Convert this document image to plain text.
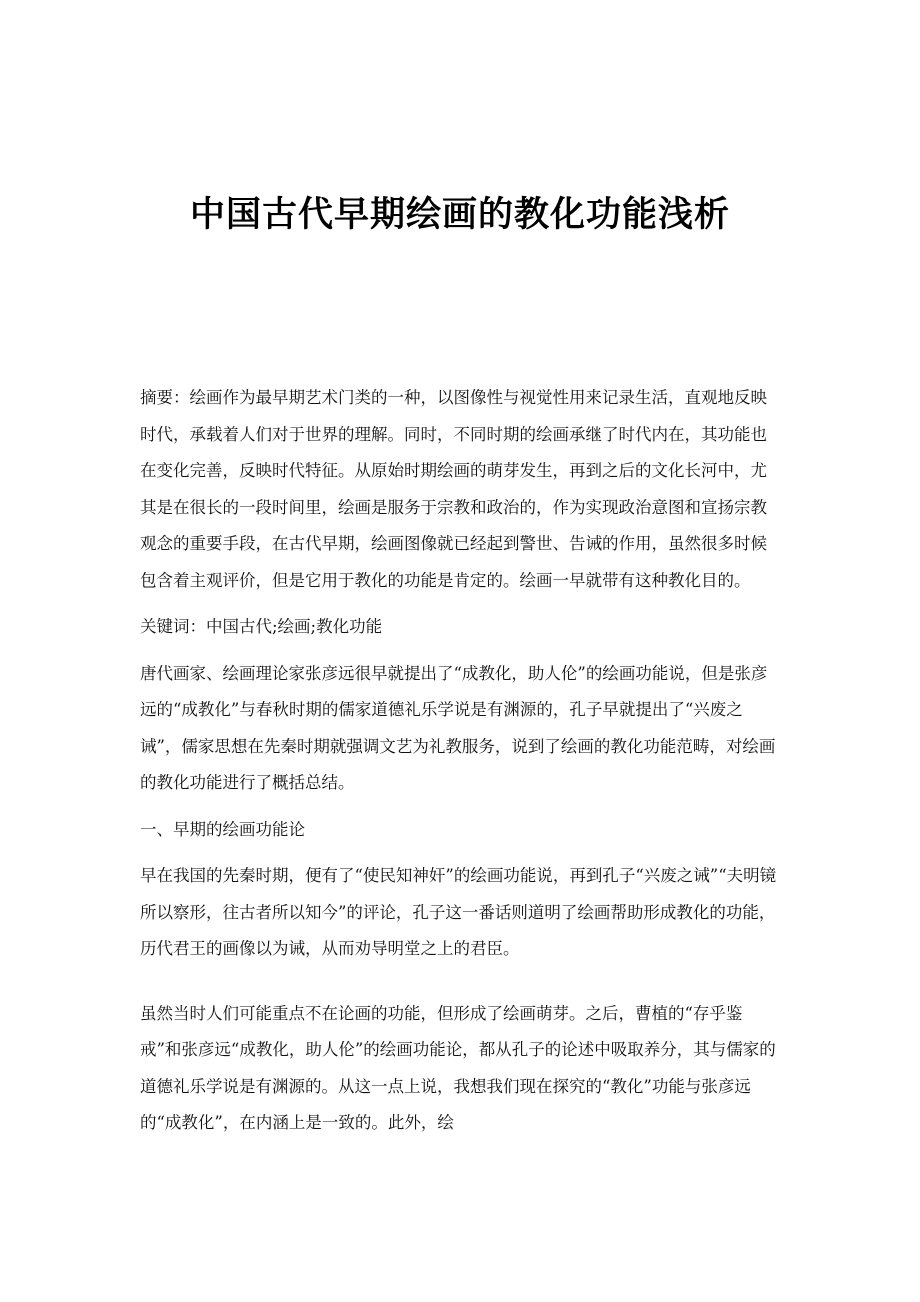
中国古代早期绘画的教化功能浅析

摘要：绘画作为最早期艺术门类的一种，以图像性与视觉性用来记录生活，直观地反映时代，承载着人们对于世界的理解。同时，不同时期的绘画承继了时代内在，其功能也在变化完善，反映时代特征。从原始时期绘画的萌芽发生，再到之后的文化长河中，尤其是在很长的一段时间里，绘画是服务于宗教和政治的，作为实现政治意图和宣扬宗教观念的重要手段，在古代早期，绘画图像就已经起到警世、告诫的作用，虽然很多时候包含着主观评价，但是它用于教化的功能是肯定的。绘画一早就带有这种教化目的。

关键词：中国古代;绘画;教化功能

唐代画家、绘画理论家张彦远很早就提出了“成教化，助人伦”的绘画功能说，但是张彦远的“成教化”与春秋时期的儒家道德礼乐学说是有渊源的，孔子早就提出了“兴废之诫”，儒家思想在先秦时期就强调文艺为礼教服务，说到了绘画的教化功能范畴，对绘画的教化功能进行了概括总结。

一、早期的绘画功能论

早在我国的先秦时期，便有了“使民知神奸”的绘画功能说，再到孔子“兴废之诫”“夫明镜所以察形，往古者所以知今”的评论，孔子这一番话则道明了绘画帮助形成教化的功能，历代君王的画像以为诫，从而劝导明堂之上的君臣。

虽然当时人们可能重点不在论画的功能，但形成了绘画萌芽。之后，曹植的“存乎鉴戒”和张彦远“成教化，助人伦”的绘画功能论，都从孔子的论述中吸取养分，其与儒家的道德礼乐学说是有渊源的。从这一点上说，我想我们现在探究的“教化”功能与张彦远的“成教化”，在内涵上是一致的。此外，绘
